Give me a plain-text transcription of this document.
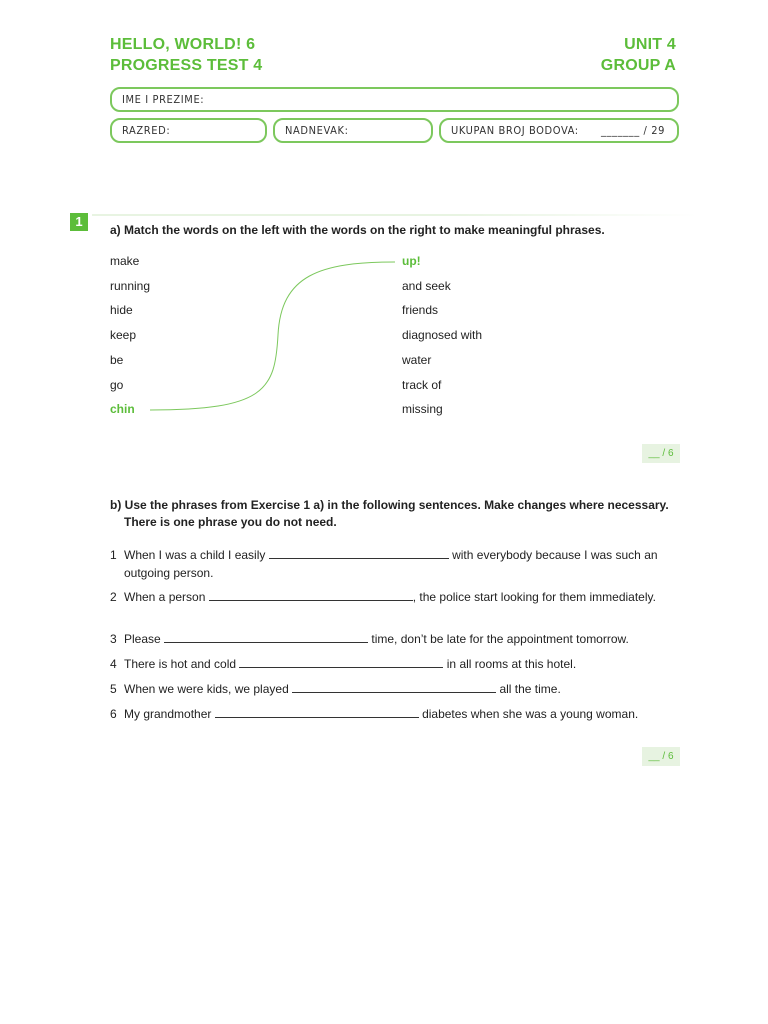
HELLO, WORLD! 6
PROGRESS TEST 4
UNIT 4
GROUP A
IME I PREZIME:
RAZRED:	NADNEVAK:	UKUPAN BROJ BODOVA: _______ / 29
1
a) Match the words on the left with the words on the right to make meaningful phrases.
make
running
hide
keep
be
go
chin
up!
and seek
friends
diagnosed with
water
track of
missing
__ / 6
b) Use the phrases from Exercise 1 a) in the following sentences. Make changes where necessary.
There is one phrase you do not need.
1 When I was a child I easily	with everybody because I was such an outgoing person.
2 When a person	, the police start looking for them immediately.
3 Please	time, don’t be late for the appointment tomorrow.
4 There is hot and cold	in all rooms at this hotel.
5 When we were kids, we played	all the time.
6 My grandmother	diabetes when she was a young woman.
__ / 6
